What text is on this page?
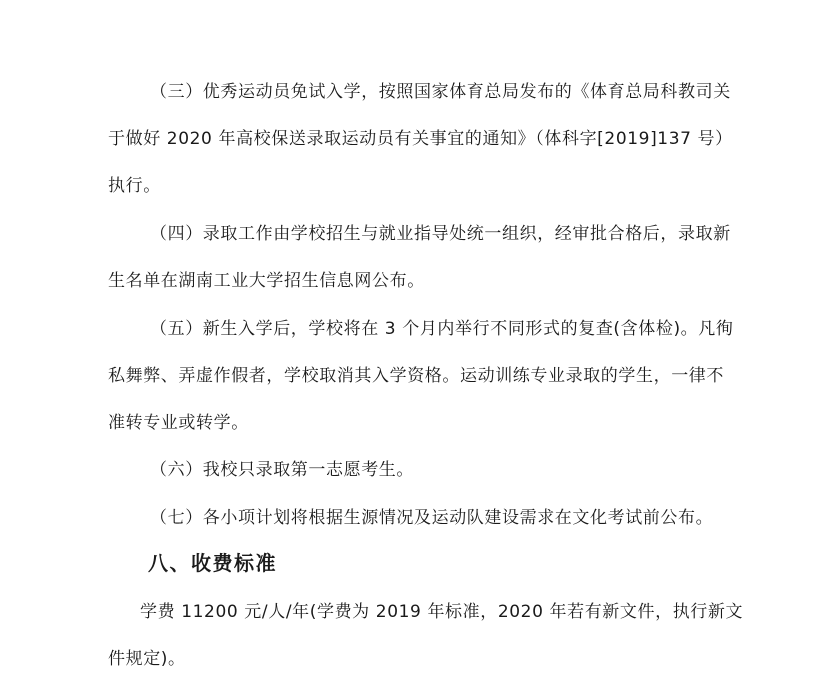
（三）优秀运动员免试入学，按照国家体育总局发布的《体育总局科教司关
于做好 2020 年高校保送录取运动员有关事宜的通知》（体科字[2019]137 号）
执行。
（四）录取工作由学校招生与就业指导处统一组织，经审批合格后，录取新
生名单在湖南工业大学招生信息网公布。
（五）新生入学后，学校将在 3 个月内举行不同形式的复查(含体检)。凡徇
私舞弊、弄虚作假者，学校取消其入学资格。运动训练专业录取的学生，一律不
准转专业或转学。
（六）我校只录取第一志愿考生。
（七）各小项计划将根据生源情况及运动队建设需求在文化考试前公布。
八、收费标准
学费 11200 元/人/年(学费为 2019 年标准，2020 年若有新文件，执行新文
件规定)。
